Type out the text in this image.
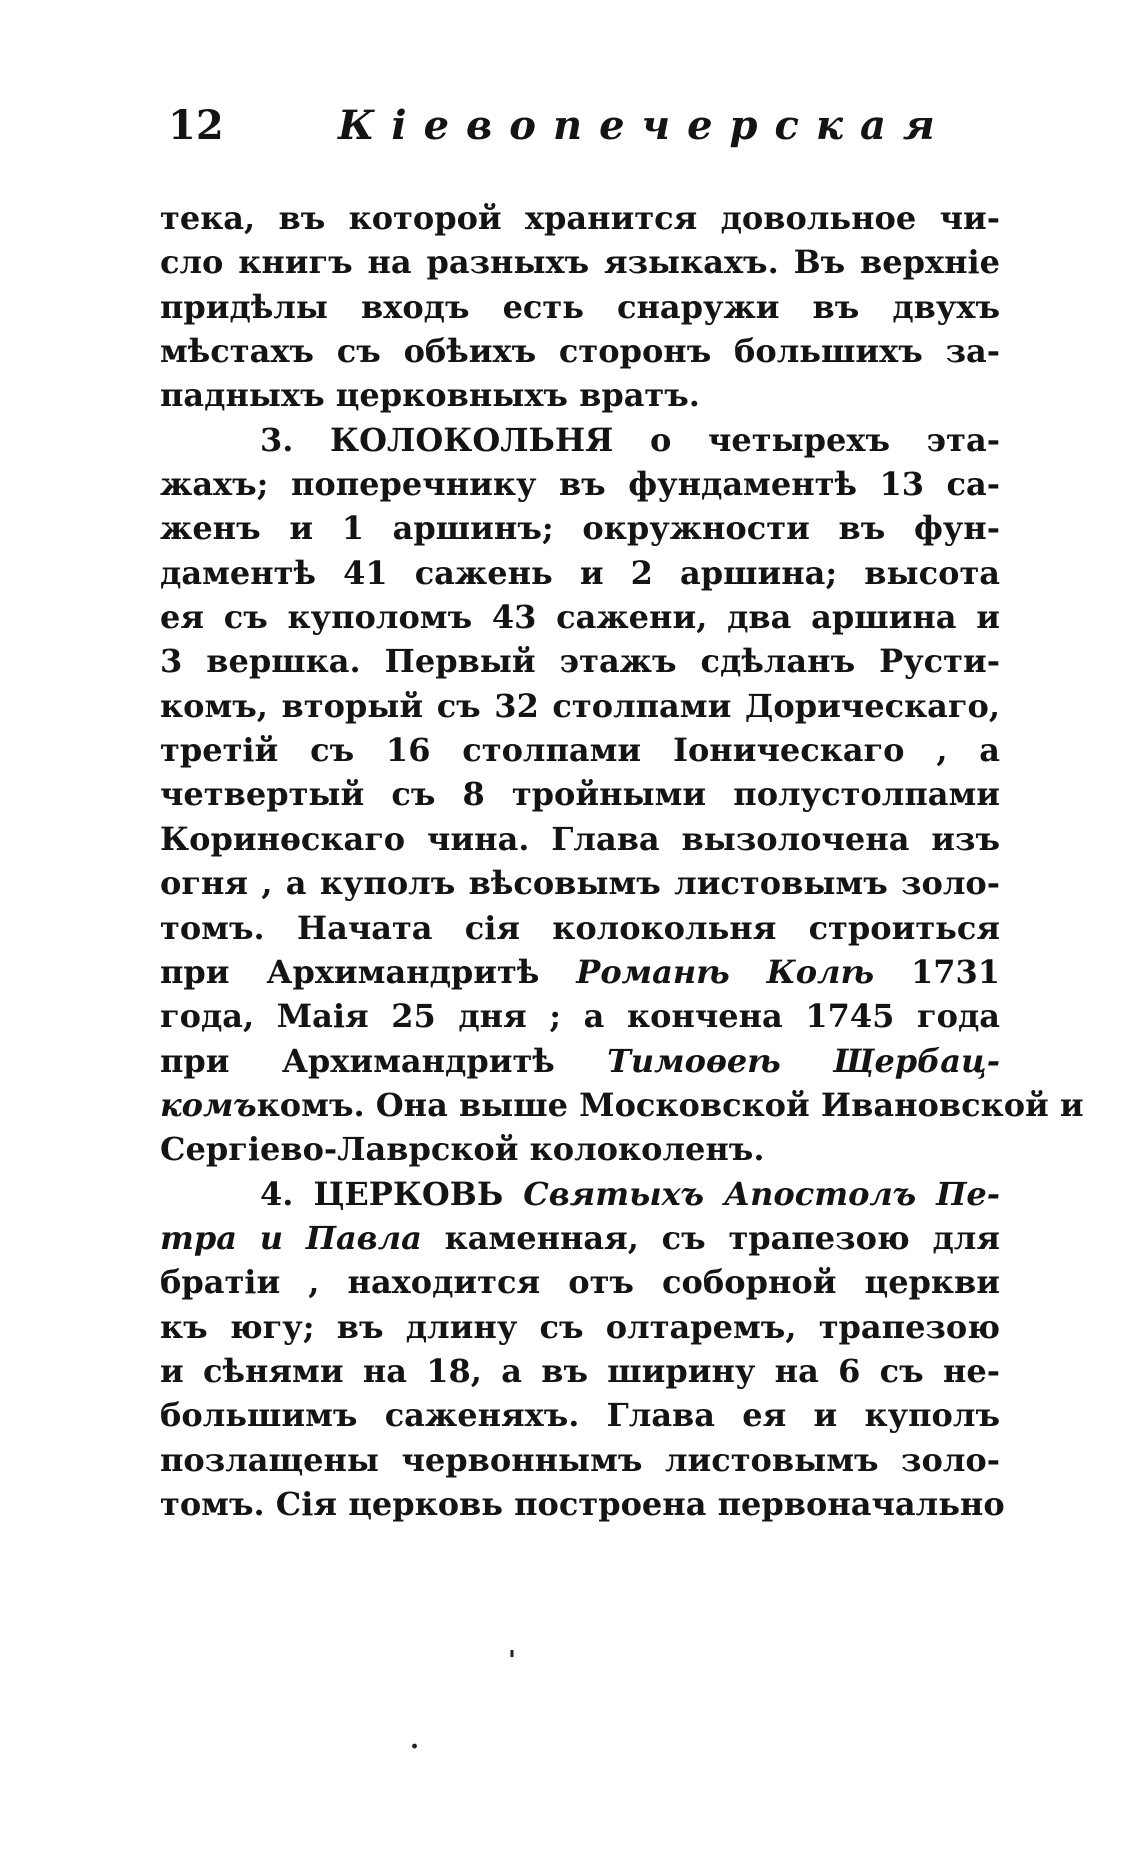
12	Кiевопечерская
тека, въ которой хранится довольное чи-
сло книгъ на разныхъ языкахъ. Въ верхнiе
придѣлы входъ есть снаружи въ двухъ
мѣстахъ съ обѣихъ сторонъ большихъ за-
падныхъ церковныхъ вратъ.
3. КОЛОКОЛЬНЯ о четырехъ эта-
жахъ; поперечнику въ фундаментѣ 13 са-
женъ и 1 аршинъ; окружности въ фун-
даментѣ 41 сажень и 2 аршина; высота
ея съ куполомъ 43 сажени, два аршина и
3 вершка. Первый этажъ сдѣланъ Русти-
комъ, вторый съ 32 столпами Дорическаго,
третiй съ 16 столпами Iоническаго , а
четвертый съ 8 тройными полустолпами
Коринѳскаго чина. Глава вызолочена изъ
огня , а куполъ вѣсовымъ листовымъ золо-
томъ. Начата сiя колокольня строиться
при Архимандритѣ Романѣ Колѣ 1731
года, Маiя 25 дня ; а кончена 1745 года
при Архимандритѣ Тимоѳеѣ Щербац-
комъкомъ. Она выше Московской Ивановской и
Сергiево-Лаврской колоколенъ.
4. ЦЕРКОВЬ Святыхъ Апостолъ Пе-
тра и Павла каменная, съ трапезою для
братiи , находится отъ соборной церкви
къ югу; въ длину съ олтаремъ, трапезою
и сѣнями на 18, а въ ширину на 6 съ не-
большимъ саженяхъ. Глава ея и куполъ
позлащены червоннымъ листовымъ золо-
томъ. Сiя церковь построена первоначально
'
·
